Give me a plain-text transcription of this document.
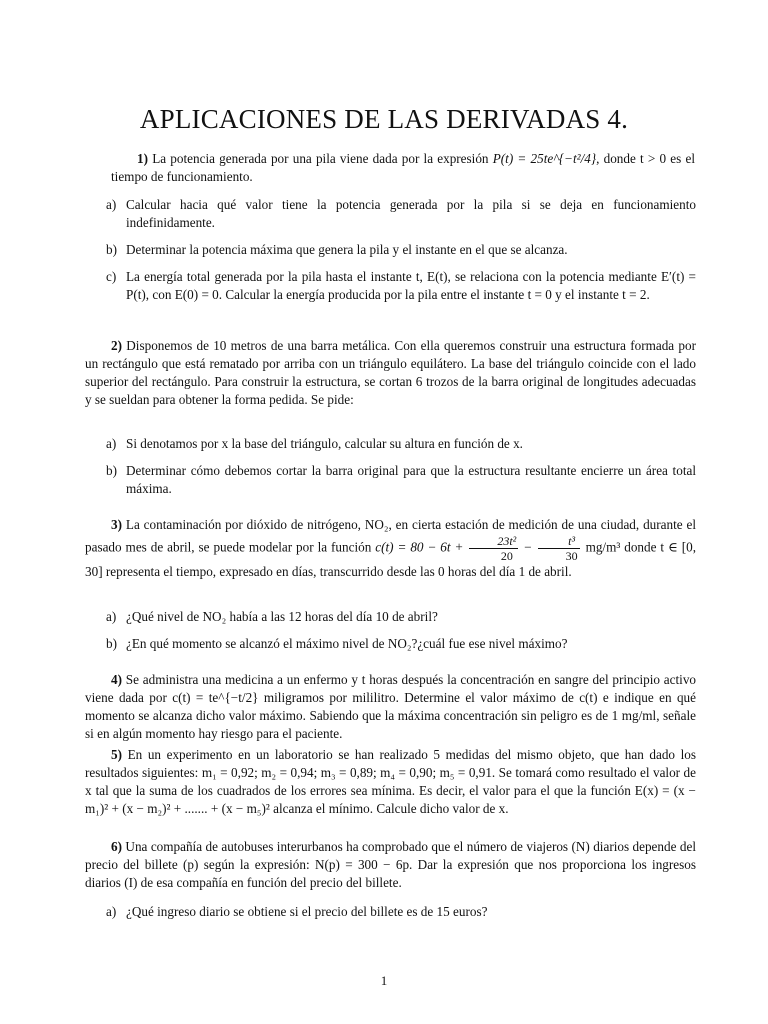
APLICACIONES DE LAS DERIVADAS 4.

1) La potencia generada por una pila viene dada por la expresión P(t) = 25te^{−t²/4}, donde t > 0 es el tiempo de funcionamiento.

a) Calcular hacia qué valor tiene la potencia generada por la pila si se deja en funcionamiento indefinidamente.
b) Determinar la potencia máxima que genera la pila y el instante en el que se alcanza.
c) La energía total generada por la pila hasta el instante t, E(t), se relaciona con la potencia mediante E′(t) = P(t), con E(0) = 0. Calcular la energía producida por la pila entre el instante t = 0 y el instante t = 2.

2) Disponemos de 10 metros de una barra metálica. Con ella queremos construir una estructura formada por un rectángulo que está rematado por arriba con un triángulo equilátero. La base del triángulo coincide con el lado superior del rectángulo. Para construir la estructura, se cortan 6 trozos de la barra original de longitudes adecuadas y se sueldan para obtener la forma pedida. Se pide:

a) Si denotamos por x la base del triángulo, calcular su altura en función de x.
b) Determinar cómo debemos cortar la barra original para que la estructura resultante encierre un área total máxima.

3) La contaminación por dióxido de nitrógeno, NO₂, en cierta estación de medición de una ciudad, durante el pasado mes de abril, se puede modelar por la función $c(t) = 80 - 6t + \frac{\text{23t²}}{20} - \frac{\text{t³}}{30} mg/m^3$ donde t ∈ [0, 30] representa el tiempo, expresado en días, transcurrido desde las 0 horas del día 1 de abril.

a) ¿Qué nivel de NO₂ había a las 12 horas del día 10 de abril?
b) ¿En qué momento se alcanzó el máximo nivel de NO₂?¿cuál fue ese nivel máximo?

4) Se administra una medicina a un enfermo y t horas después la concentración en sangre del principio activo viene dada por c(t) = te^{−t/2} miligramos por mililitro. Determine el valor máximo de c(t) e indique en qué momento se alcanza dicho valor máximo. Sabiendo que la máxima concentración sin peligro es de 1 mg/ml, señale si en algún momento hay riesgo para el paciente.

5) En un experimento en un laboratorio se han realizado 5 medidas del mismo objeto, que han dado los resultados siguientes: m₁ = 0,92; m₂ = 0,94; m₃ = 0,89; m₄ = 0,90; m₅ = 0,91. Se tomará como resultado el valor de x tal que la suma de los cuadrados de los errores sea mínima. Es decir, el valor para el que la función E(x) = (x − m₁)² + (x − m₂)² + ....... + (x − m₅)² alcanza el mínimo. Calcule dicho valor de x.

6) Una compañía de autobuses interurbanos ha comprobado que el número de viajeros (N) diarios depende del precio del billete (p) según la expresión: N(p) = 300 − 6p. Dar la expresión que nos proporciona los ingresos diarios (I) de esa compañía en función del precio del billete.

a) ¿Qué ingreso diario se obtiene si el precio del billete es de 15 euros?
1
